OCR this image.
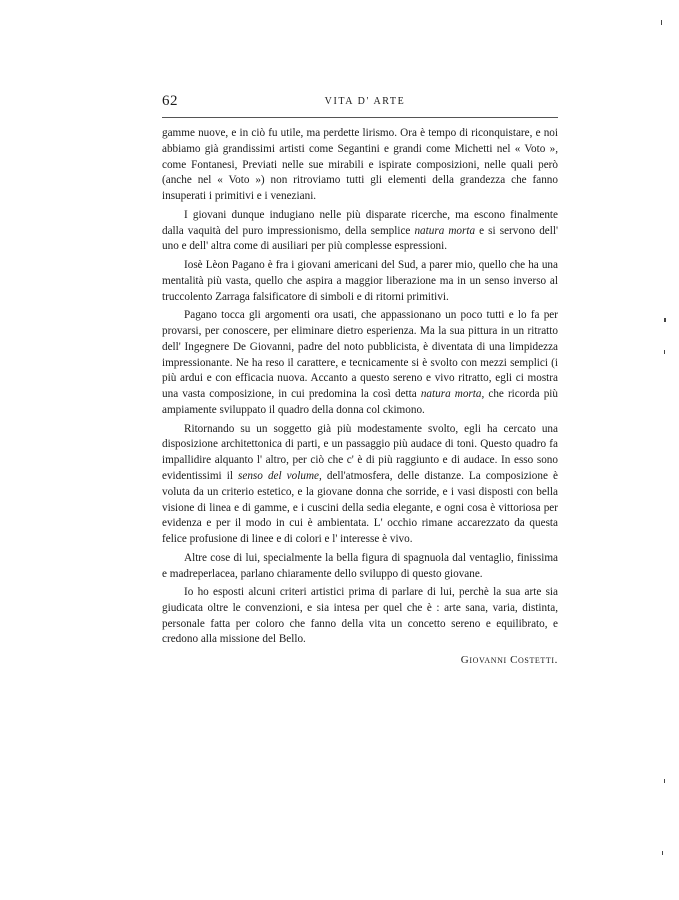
62	VITA D' ARTE

gamme nuove, e in ciò fu utile, ma perdette lirismo. Ora è tempo di riconquistare, e noi abbiamo già grandissimi artisti come Segantini e grandi come Michetti nel « Voto », come Fontanesi, Previati nelle sue mirabili e ispirate composizioni, nelle quali però (anche nel « Voto ») non ritroviamo tutti gli elementi della grandezza che fanno insuperati i primitivi e i veneziani.

I giovani dunque indugiano nelle più disparate ricerche, ma escono finalmente dalla vaquità del puro impressionismo, della semplice natura morta e si servono dell' uno e dell' altra come di ausiliari per più complesse espressioni.

Iosè Lèon Pagano è fra i giovani americani del Sud, a parer mio, quello che ha una mentalità più vasta, quello che aspira a maggior liberazione ma in un senso inverso al truccolento Zarraga falsificatore di simboli e di ritorni primitivi.

Pagano tocca gli argomenti ora usati, che appassionano un poco tutti e lo fa per provarsi, per conoscere, per eliminare dietro esperienza. Ma la sua pittura in un ritratto dell' Ingegnere De Giovanni, padre del noto pubblicista, è diventata di una limpidezza impressionante. Ne ha reso il carattere, e tecnicamente si è svolto con mezzi semplici (i più ardui e con efficacia nuova. Accanto a questo sereno e vivo ritratto, egli ci mostra una vasta composizione, in cui predomina la così detta natura morta, che ricorda più ampiamente sviluppato il quadro della donna col ckimono.

Ritornando su un soggetto già più modestamente svolto, egli ha cercato una disposizione architettonica di parti, e un passaggio più audace di toni. Questo quadro fa impallidire alquanto l' altro, per ciò che c' è di più raggiunto e di audace. In esso sono evidentissimi il senso del volume, dell'atmosfera, delle distanze. La composizione è voluta da un criterio estetico, e la giovane donna che sorride, e i vasi disposti con bella visione di linea e di gamme, e i cuscini della sedia elegante, e ogni cosa è vittoriosa per evidenza e per il modo in cui è ambientata. L' occhio rimane accarezzato da questa felice profusione di linee e di colori e l' interesse è vivo.

Altre cose di lui, specialmente la bella figura di spagnuola dal ventaglio, finissima e madreperlacea, parlano chiaramente dello sviluppo di questo giovane.

Io ho esposti alcuni criteri artistici prima di parlare di lui, perchè la sua arte sia giudicata oltre le convenzioni, e sia intesa per quel che è : arte sana, varia, distinta, personale fatta per coloro che fanno della vita un concetto sereno e equilibrato, e credono alla missione del Bello.

Giovanni Costetti.
